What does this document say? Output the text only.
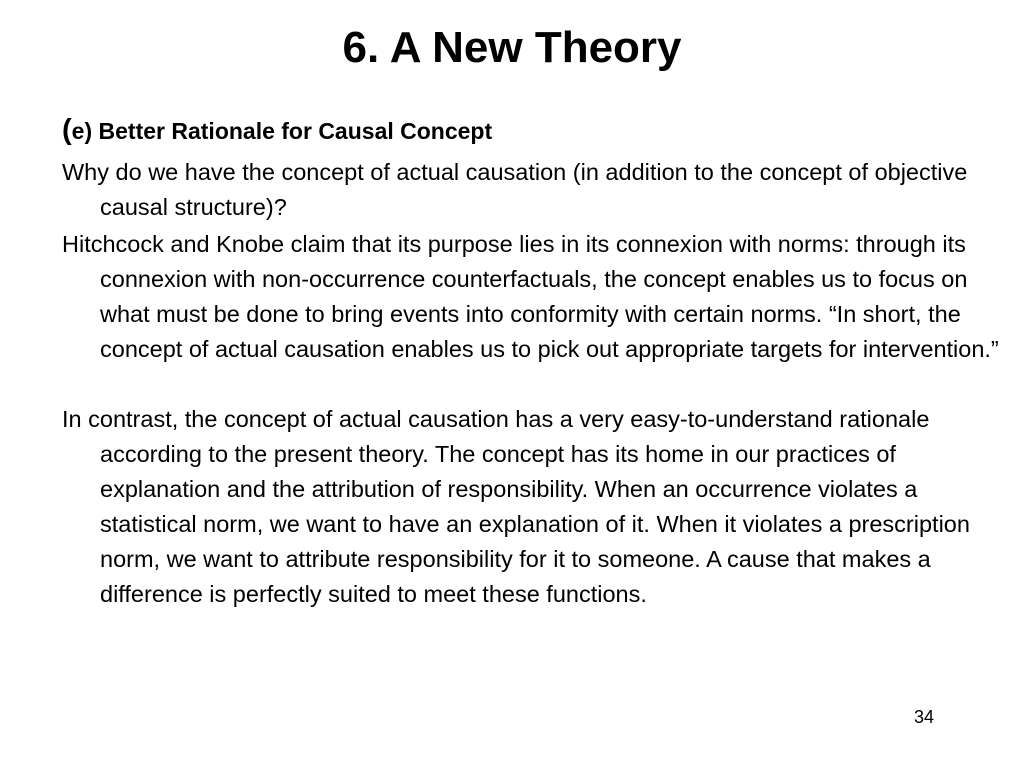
6. A New Theory

(e) Better Rationale for Causal Concept

Why do we have the concept of actual causation (in addition to the concept of objective causal structure)?

Hitchcock and Knobe claim that its purpose lies in its connexion with norms: through its connexion with non-occurrence counterfactuals, the concept enables us to focus on what must be done to bring events into conformity with certain norms. “In short, the concept of actual causation enables us to pick out appropriate targets for intervention.”

In contrast, the concept of actual causation has a very easy-to-understand rationale according to the present theory. The concept has its home in our practices of explanation and the attribution of responsibility. When an occurrence violates a statistical norm, we want to have an explanation of it. When it violates a prescription norm, we want to attribute responsibility for it to someone. A cause that makes a difference is perfectly suited to meet these functions.

34
